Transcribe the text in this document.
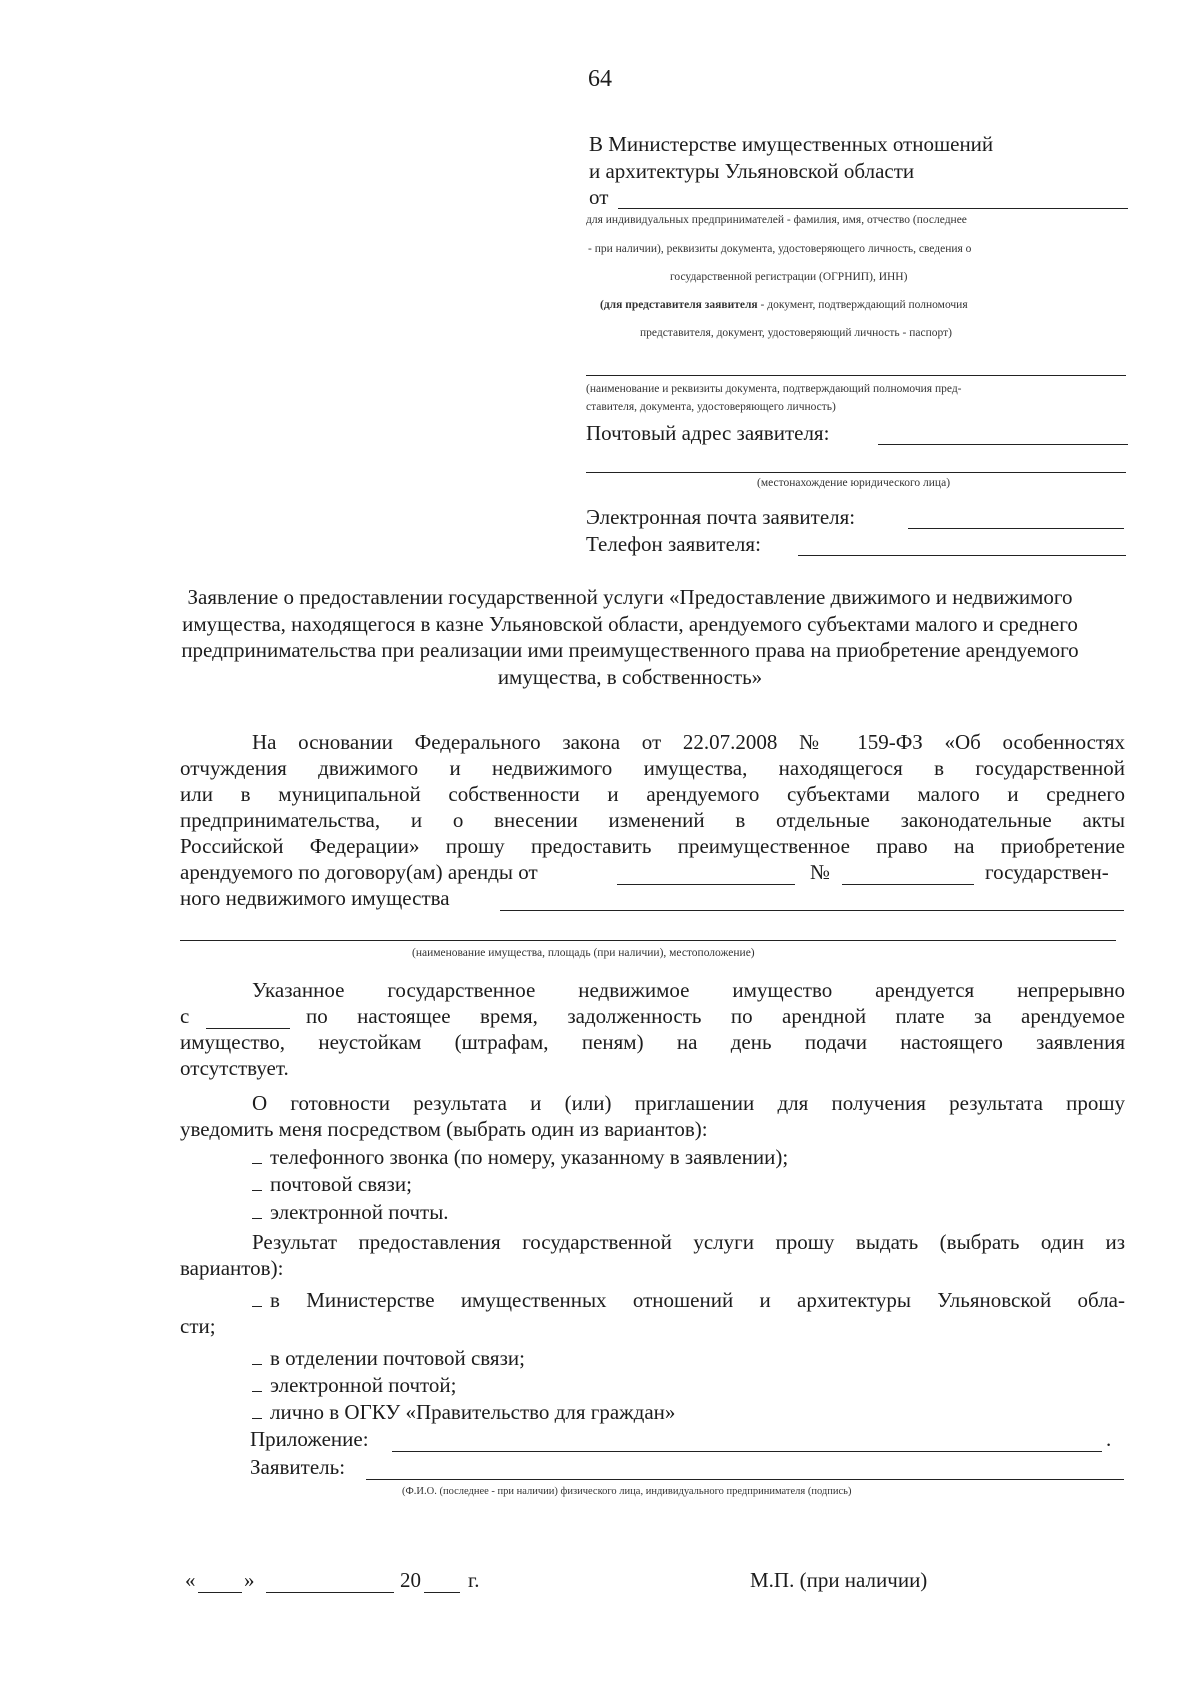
64
В Министерстве имущественных отношений
и архитектуры Ульяновской области
от
для индивидуальных предпринимателей - фамилия, имя, отчество (последнее
- при наличии), реквизиты документа, удостоверяющего личность, сведения о
государственной регистрации (ОГРНИП), ИНН)
(для представителя заявителя - документ, подтверждающий полномочия
представителя, документ, удостоверяющий личность - паспорт)
(наименование и реквизиты документа, подтверждающий полномочия пред-
ставителя, документа, удостоверяющего личность)
Почтовый адрес заявителя:
(местонахождение юридического лица)
Электронная почта заявителя:
Телефон заявителя:
Заявление о предоставлении государственной услуги «Предоставление движимого и недвижимого имущества, находящегося в казне Ульяновской области, арендуемого субъектами малого и среднего предпринимательства при реализации ими преимущественного права на приобретение арендуемого имущества, в собственность»
На основании Федерального закона от 22.07.2008 № 159-ФЗ «Об особенностях
отчуждения движимого и недвижимого имущества, находящегося в государственной
или в муниципальной собственности и арендуемого субъектами малого и среднего
предпринимательства, и о внесении изменений в отдельные законодательные акты
Российской Федерации» прошу предоставить преимущественное право на приобретение
арендуемого по договору(ам) аренды от	№	государствен-
ного недвижимого имущества
(наименование имущества, площадь (при наличии), местоположение)
Указанное государственное недвижимое имущество арендуется непрерывно
с	по настоящее время, задолженность по арендной плате за арендуемое
имущество, неустойкам (штрафам, пеням) на день подачи настоящего заявления
отсутствует.
О готовности результата и (или) приглашении для получения результата прошу
уведомить меня посредством (выбрать один из вариантов):
телефонного звонка (по номеру, указанному в заявлении);
почтовой связи;
электронной почты.
Результат предоставления государственной услуги прошу выдать (выбрать один из
вариантов):
в Министерстве имущественных отношений и архитектуры Ульяновской обла-
сти;
в отделении почтовой связи;
электронной почтой;
лично в ОГКУ «Правительство для граждан»
Приложение:	.
Заявитель:
(Ф.И.О. (последнее - при наличии) физического лица, индивидуального предпринимателя (подпись)
« »	20 г.	М.П. (при наличии)
